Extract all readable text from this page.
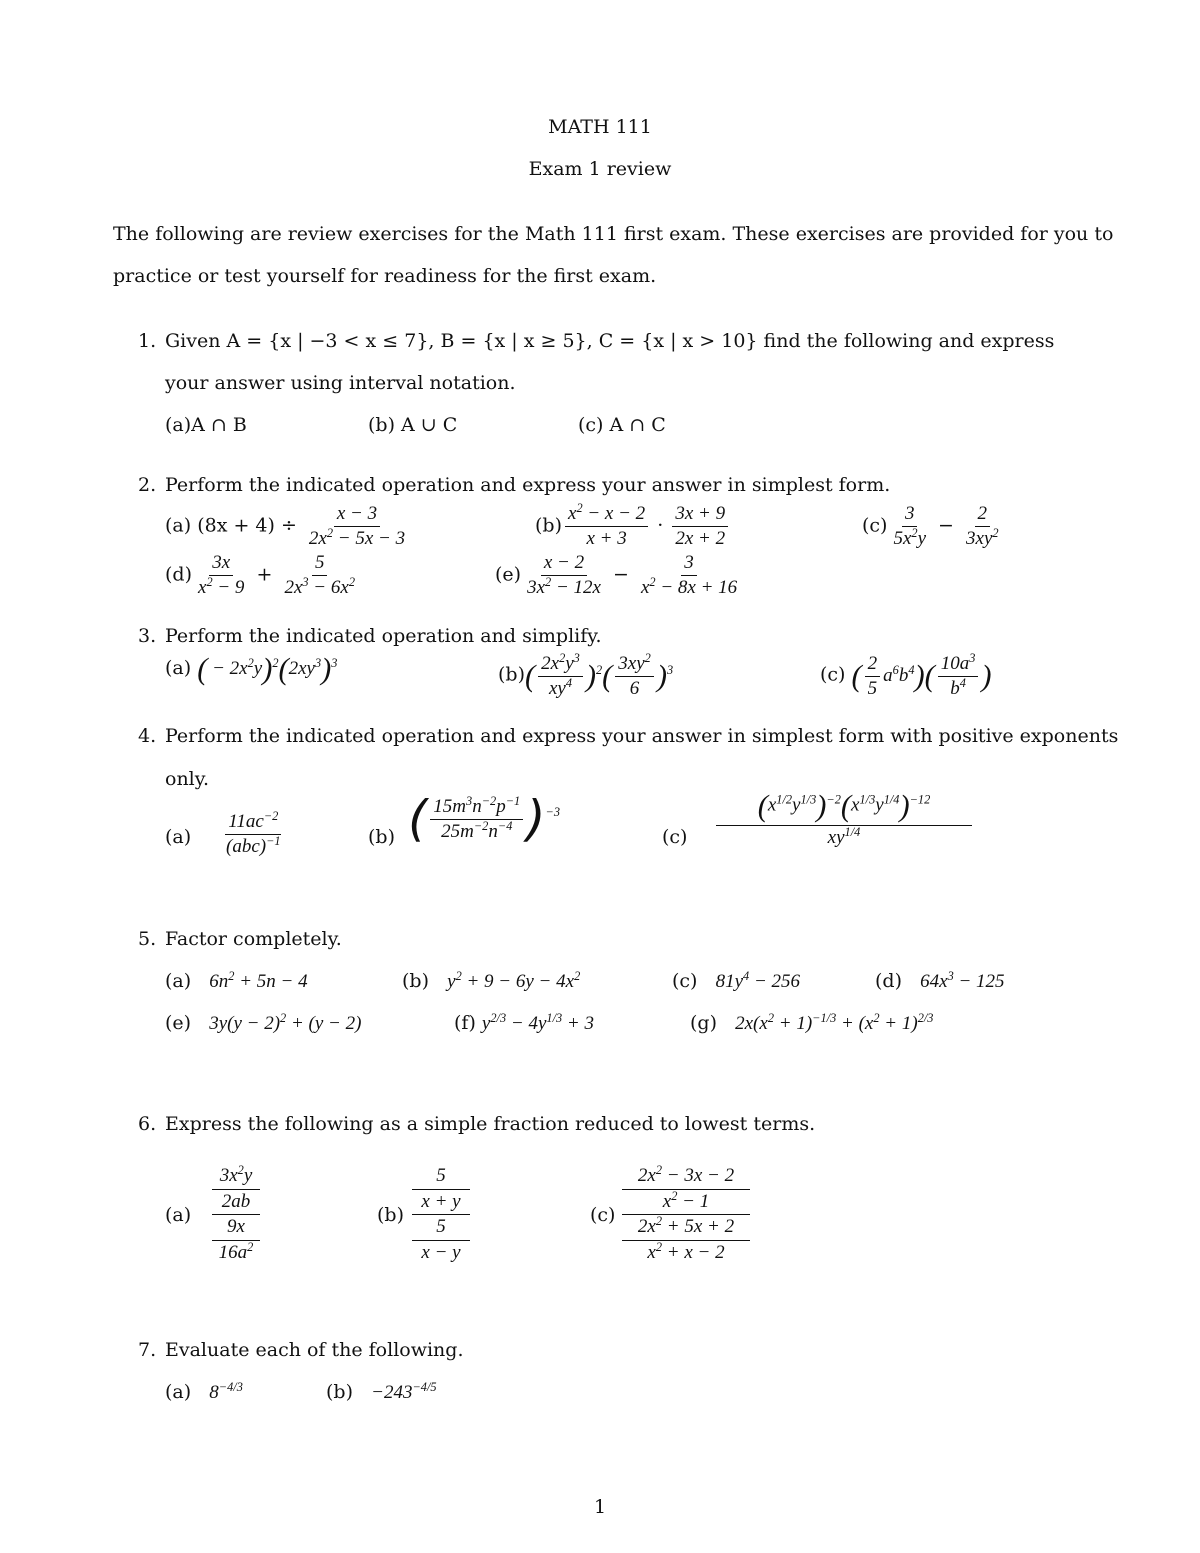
MATH 111
Exam 1 review
The following are review exercises for the Math 111 first exam. These exercises are provided for you to
practice or test yourself for readiness for the first exam.
1. Given A = {x | −3 < x ≤ 7}, B = {x | x ≥ 5}, C = {x | x > 10} find the following and express
your answer using interval notation.
(a)A ∩ B	(b) A ∪ C	(c) A ∩ C
2. Perform the indicated operation and express your answer in simplest form.
(a) $(8x + 4) \div \frac{x - 3}{2x^2 - 5x - 3}$	$(b) \frac{x^2 - x - 2}{x + 3} \cdot \frac{3x + 9}{2x + 2}$	$(c) \frac{3}{5x^2y} - \frac{2}{3xy^2}$
$(d) \frac{3x}{x^2 - 9} + \frac{5}{2x^3 - 6x^2}$	$(e) \frac{x - 2}{3x^2 - 12x} - \frac{3}{x^2 - 8x + 16}$
3. Perform the indicated operation and simplify.
(a) ( − $2x^2y)^2(2xy^3)^3$
$(b)( \frac{2x^2y^3}{xy^4} )^2( \frac{3xy^2}{6} )^3$	(c) ( $\frac{2}{5} a^6b^4)( \frac{10a^3}{b^4}$ )
4. Perform the indicated operation and express your answer in simplest form with positive exponents
only.
$(a) \frac{11ac^{-2}}{(abc)^{-1}}$	(b) ( $\frac{15m^3n^{-2}p^{-1}}{25m^{-2}n^{-4}} )^{-3}$
$(c) \frac{(x^{1/2}y^{1/3})^{-2}(x^{1/3}y^{1/4})^{-12}}{xy^{1/4}}$
5. Factor completely.
(a) $6n^2 + 5n - 4$	(b) $y^2 + 9 - 6y - 4x^2$	(c) $81y^4 - 256$	(d) $64x^3 - 125$
(e) $3y(y - 2)^2 + (y - 2)$	(f) $y^{2/3} - 4y^{1/3} + 3$	(g) $2x(x^2 + 1)^{-1/3} + (x^2 + 1)^{2/3}$
6. Express the following as a simple fraction reduced to lowest terms.
(a)
$3x^2y$
2ab
9x
$16a^2$
(b)
5
x + y
5
x − y
(c)
$2x^2 - 3x - 2$
$x^2 - 1$
$2x^2 + 5x + 2$
$x^2 + x - 2$
7. Evaluate each of the following.
(a) $8^{-4/3}$	$(b) -243^{-4/5}$
1
